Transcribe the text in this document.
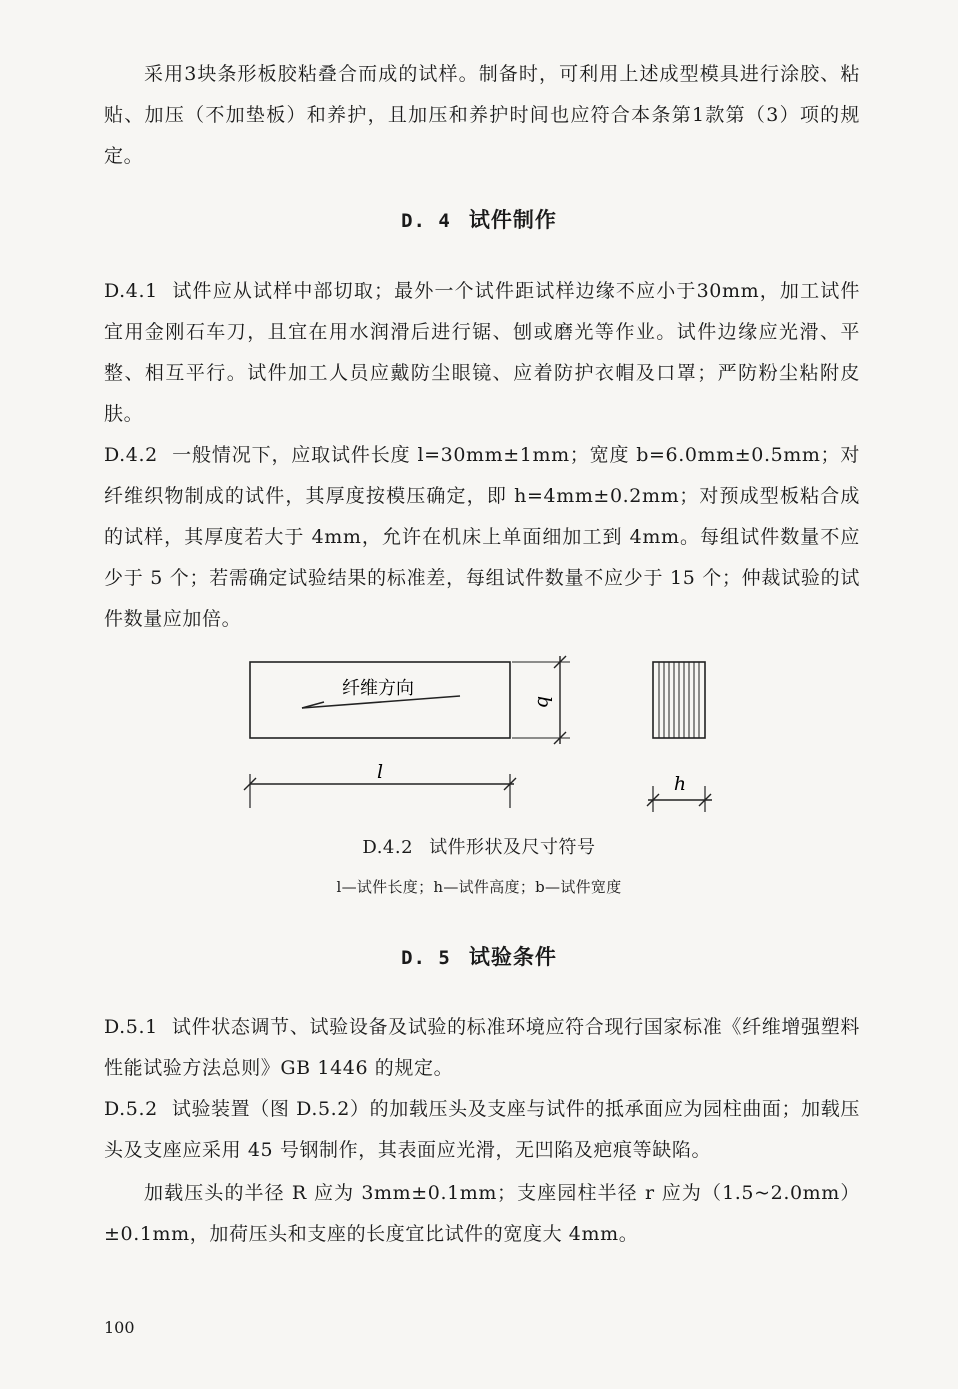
采用3块条形板胶粘叠合而成的试样。制备时，可利用上述成型模具进行涂胶、粘贴、加压（不加垫板）和养护，且加压和养护时间也应符合本条第1款第（3）项的规定。

D. 4 试件制作

D.4.1 试件应从试样中部切取；最外一个试件距试样边缘不应小于30mm，加工试件宜用金刚石车刀，且宜在用水润滑后进行锯、刨或磨光等作业。试件边缘应光滑、平整、相互平行。试件加工人员应戴防尘眼镜、应着防护衣帽及口罩；严防粉尘粘附皮肤。

D.4.2 一般情况下，应取试件长度 l=30mm±1mm；宽度 b=6.0mm±0.5mm；对纤维织物制成的试件，其厚度按模压确定，即 h=4mm±0.2mm；对预成型板粘合成的试样，其厚度若大于 4mm，允许在机床上单面细加工到 4mm。每组试件数量不应少于 5 个；若需确定试验结果的标准差，每组试件数量不应少于 15 个；仲裁试验的试件数量应加倍。

纤维方向
b
l
h
D.4.2 试件形状及尺寸符号
l—试件长度；h—试件高度；b—试件宽度
D. 5 试验条件

D.5.1 试件状态调节、试验设备及试验的标准环境应符合现行国家标准《纤维增强塑料性能试验方法总则》GB 1446 的规定。

D.5.2 试验装置（图 D.5.2）的加载压头及支座与试件的抵承面应为园柱曲面；加载压头及支座应采用 45 号钢制作，其表面应光滑，无凹陷及疤痕等缺陷。

加载压头的半径 R 应为 3mm±0.1mm；支座园柱半径 r 应为（1.5~2.0mm）±0.1mm，加荷压头和支座的长度宜比试件的宽度大 4mm。

100
